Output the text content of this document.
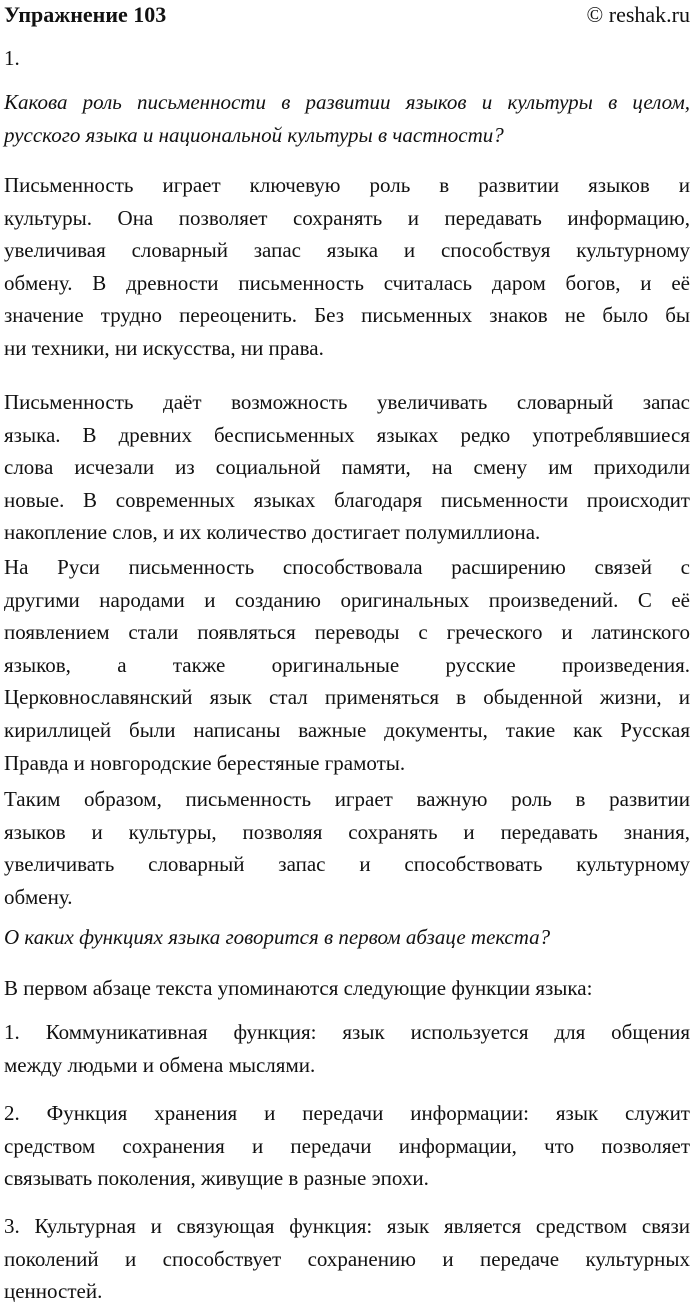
Упражнение 103	© reshak.ru
1.
Какова роль письменности в развитии языков и культуры в целом,
русского языка и национальной культуры в частности?
Письменность играет ключевую роль в развитии языков и
культуры. Она позволяет сохранять и передавать информацию,
увеличивая словарный запас языка и способствуя культурному
обмену. В древности письменность считалась даром богов, и её
значение трудно переоценить. Без письменных знаков не было бы
ни техники, ни искусства, ни права.
Письменность даёт возможность увеличивать словарный запас
языка. В древних бесписьменных языках редко употреблявшиеся
слова исчезали из социальной памяти, на смену им приходили
новые. В современных языках благодаря письменности происходит
накопление слов, и их количество достигает полумиллиона.
На Руси письменность способствовала расширению связей с
другими народами и созданию оригинальных произведений. С её
появлением стали появляться переводы с греческого и латинского
языков, а также оригинальные русские произведения.
Церковнославянский язык стал применяться в обыденной жизни, и
кириллицей были написаны важные документы, такие как Русская
Правда и новгородские берестяные грамоты.
Таким образом, письменность играет важную роль в развитии
языков и культуры, позволяя сохранять и передавать знания,
увеличивать словарный запас и способствовать культурному
обмену.
О каких функциях языка говорится в первом абзаце текста?
В первом абзаце текста упоминаются следующие функции языка:
1. Коммуникативная функция: язык используется для общения
между людьми и обмена мыслями.
2. Функция хранения и передачи информации: язык служит
средством сохранения и передачи информации, что позволяет
связывать поколения, живущие в разные эпохи.
3. Культурная и связующая функция: язык является средством связи
поколений и способствует сохранению и передаче культурных
ценностей.
